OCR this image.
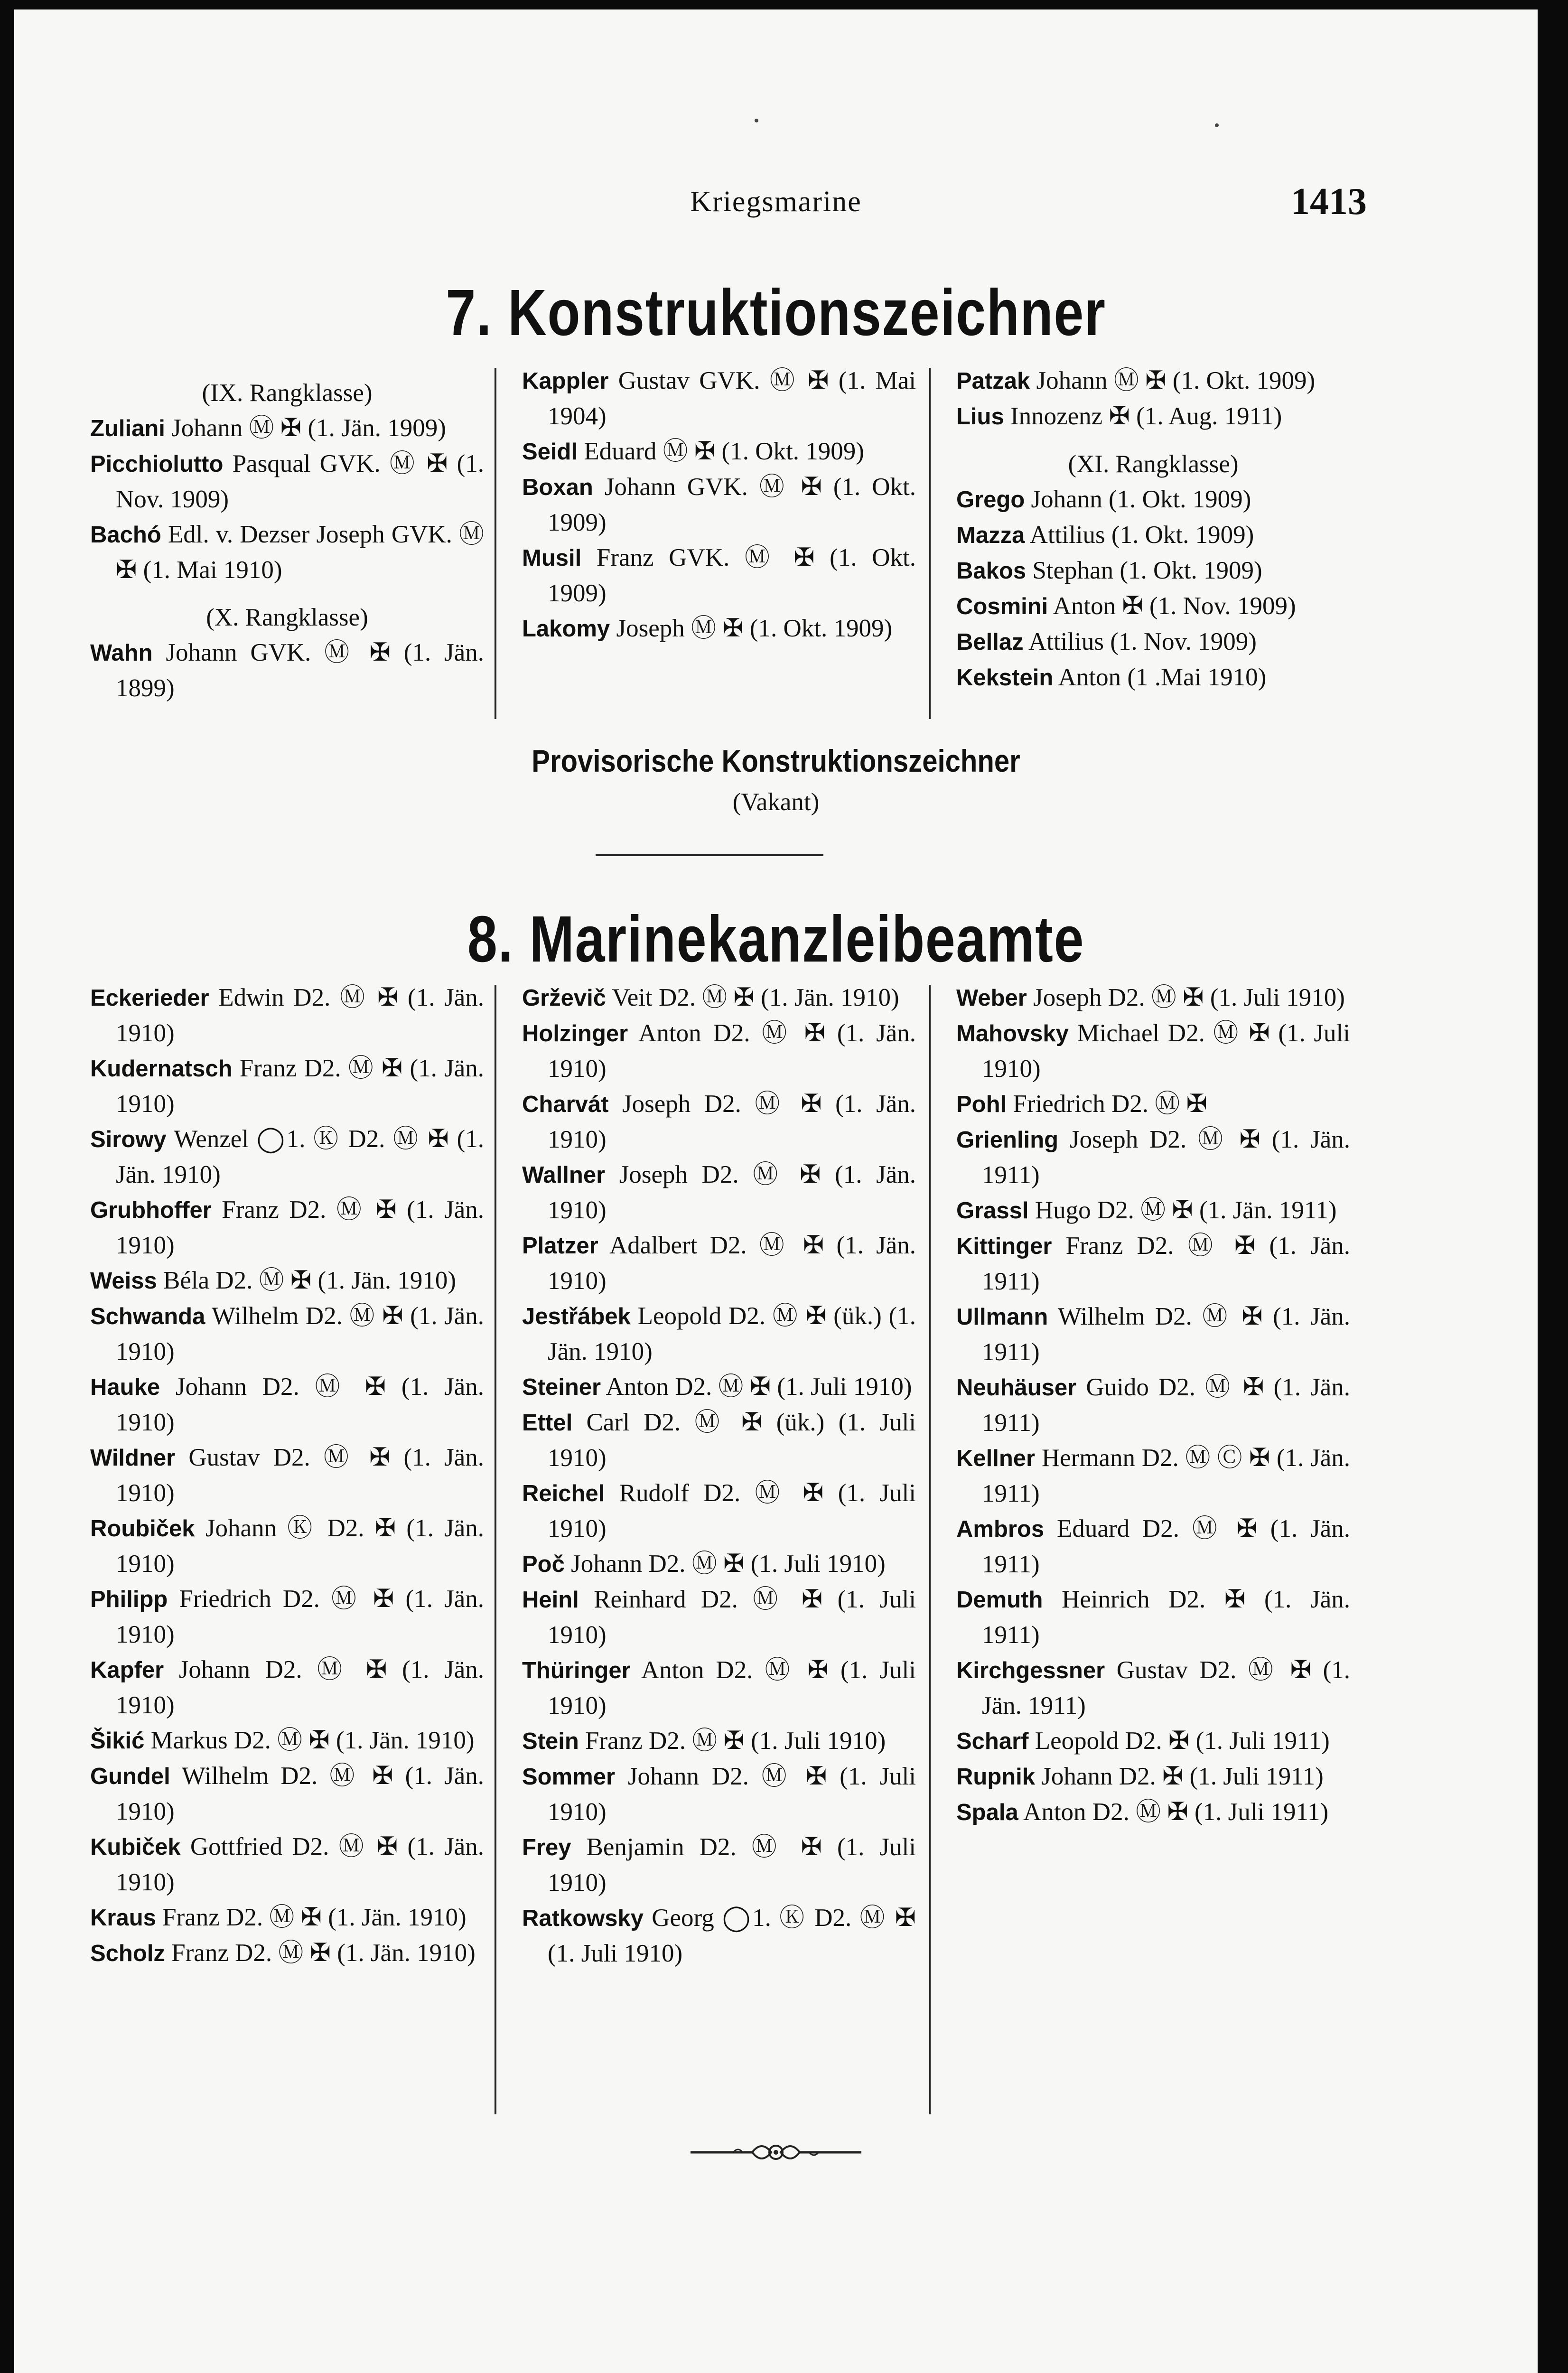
Kriegsmarine	1413
7. Konstruktionszeichner
(IX. Rangklasse)
Zuliani Johann Ⓜ ✠ (1. Jän. 1909)
Picchiolutto Pasqual GVK. Ⓜ ✠ (1. Nov. 1909)
Bachó Edl. v. Dezser Joseph GVK. Ⓜ ✠ (1. Mai 1910)
(X. Rangklasse)
Wahn Johann GVK. Ⓜ ✠ (1. Jän. 1899)
Kappler Gustav GVK. Ⓜ ✠ (1. Mai 1904)
Seidl Eduard Ⓜ ✠ (1. Okt. 1909)
Boxan Johann GVK. Ⓜ ✠ (1. Okt. 1909)
Musil Franz GVK. Ⓜ ✠ (1. Okt. 1909)
Lakomy Joseph Ⓜ ✠ (1. Okt. 1909)
Patzak Johann Ⓜ ✠ (1. Okt. 1909)
Lius Innozenz ✠ (1. Aug. 1911)
(XI. Rangklasse)
Grego Johann (1. Okt. 1909)
Mazza Attilius (1. Okt. 1909)
Bakos Stephan (1. Okt. 1909)
Cosmini Anton ✠ (1. Nov. 1909)
Bellaz Attilius (1. Nov. 1909)
Kekstein Anton (1 .Mai 1910)
Provisorische Konstruktionszeichner
(Vakant)
8. Marinekanzleibeamte
Eckerieder Edwin D2. Ⓜ ✠ (1. Jän. 1910)
Kudernatsch Franz D2. Ⓜ ✠ (1. Jän. 1910)
Sirowy Wenzel ◯1. Ⓚ D2. Ⓜ ✠ (1. Jän. 1910)
Grubhoffer Franz D2. Ⓜ ✠ (1. Jän. 1910)
Weiss Béla D2. Ⓜ ✠ (1. Jän. 1910)
Schwanda Wilhelm D2. Ⓜ ✠ (1. Jän. 1910)
Hauke Johann D2. Ⓜ ✠ (1. Jän. 1910)
Wildner Gustav D2. Ⓜ ✠ (1. Jän. 1910)
Roubiček Johann Ⓚ D2. ✠ (1. Jän. 1910)
Philipp Friedrich D2. Ⓜ ✠ (1. Jän. 1910)
Kapfer Johann D2. Ⓜ ✠ (1. Jän. 1910)
Šikić Markus D2. Ⓜ ✠ (1. Jän. 1910)
Gundel Wilhelm D2. Ⓜ ✠ (1. Jän. 1910)
Kubiček Gottfried D2. Ⓜ ✠ (1. Jän. 1910)
Kraus Franz D2. Ⓜ ✠ (1. Jän. 1910)
Scholz Franz D2. Ⓜ ✠ (1. Jän. 1910)
Grževič Veit D2. Ⓜ ✠ (1. Jän. 1910)
Holzinger Anton D2. Ⓜ ✠ (1. Jän. 1910)
Charvát Joseph D2. Ⓜ ✠ (1. Jän. 1910)
Wallner Joseph D2. Ⓜ ✠ (1. Jän. 1910)
Platzer Adalbert D2. Ⓜ ✠ (1. Jän. 1910)
Jestřábek Leopold D2. Ⓜ ✠ (ük.) (1. Jän. 1910)
Steiner Anton D2. Ⓜ ✠ (1. Juli 1910)
Ettel Carl D2. Ⓜ ✠ (ük.) (1. Juli 1910)
Reichel Rudolf D2. Ⓜ ✠ (1. Juli 1910)
Poč Johann D2. Ⓜ ✠ (1. Juli 1910)
Heinl Reinhard D2. Ⓜ ✠ (1. Juli 1910)
Thüringer Anton D2. Ⓜ ✠ (1. Juli 1910)
Stein Franz D2. Ⓜ ✠ (1. Juli 1910)
Sommer Johann D2. Ⓜ ✠ (1. Juli 1910)
Frey Benjamin D2. Ⓜ ✠ (1. Juli 1910)
Ratkowsky Georg ◯1. Ⓚ D2. Ⓜ ✠ (1. Juli 1910)
Weber Joseph D2. Ⓜ ✠ (1. Juli 1910)
Mahovsky Michael D2. Ⓜ ✠ (1. Juli 1910)
Pohl Friedrich D2. Ⓜ ✠
Grienling Joseph D2. Ⓜ ✠ (1. Jän. 1911)
Grassl Hugo D2. Ⓜ ✠ (1. Jän. 1911)
Kittinger Franz D2. Ⓜ ✠ (1. Jän. 1911)
Ullmann Wilhelm D2. Ⓜ ✠ (1. Jän. 1911)
Neuhäuser Guido D2. Ⓜ ✠ (1. Jän. 1911)
Kellner Hermann D2. Ⓜ Ⓒ ✠ (1. Jän. 1911)
Ambros Eduard D2. Ⓜ ✠ (1. Jän. 1911)
Demuth Heinrich D2. ✠ (1. Jän. 1911)
Kirchgessner Gustav D2. Ⓜ ✠ (1. Jän. 1911)
Scharf Leopold D2. ✠ (1. Juli 1911)
Rupnik Johann D2. ✠ (1. Juli 1911)
Spala Anton D2. Ⓜ ✠ (1. Juli 1911)
